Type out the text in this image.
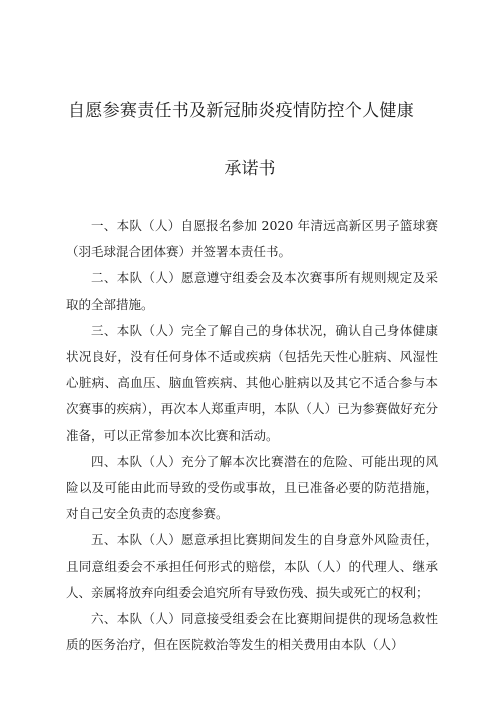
自愿参赛责任书及新冠肺炎疫情防控个人健康
承诺书

一、本队（人）自愿报名参加 2020 年清远高新区男子篮球赛（羽毛球混合团体赛）并签署本责任书。

二、本队（人）愿意遵守组委会及本次赛事所有规则规定及采取的全部措施。

三、本队（人）完全了解自己的身体状况，确认自己身体健康状况良好，没有任何身体不适或疾病（包括先天性心脏病、风湿性心脏病、高血压、脑血管疾病、其他心脏病以及其它不适合参与本次赛事的疾病），再次本人郑重声明，本队（人）已为参赛做好充分准备，可以正常参加本次比赛和活动。

四、本队（人）充分了解本次比赛潜在的危险、可能出现的风险以及可能由此而导致的受伤或事故，且已准备必要的防范措施，对自己安全负责的态度参赛。

五、本队（人）愿意承担比赛期间发生的自身意外风险责任，且同意组委会不承担任何形式的赔偿，本队（人）的代理人、继承人、亲属将放弃向组委会追究所有导致伤残、损失或死亡的权利；

六、本队（人）同意接受组委会在比赛期间提供的现场急救性质的医务治疗，但在医院救治等发生的相关费用由本队（人）
